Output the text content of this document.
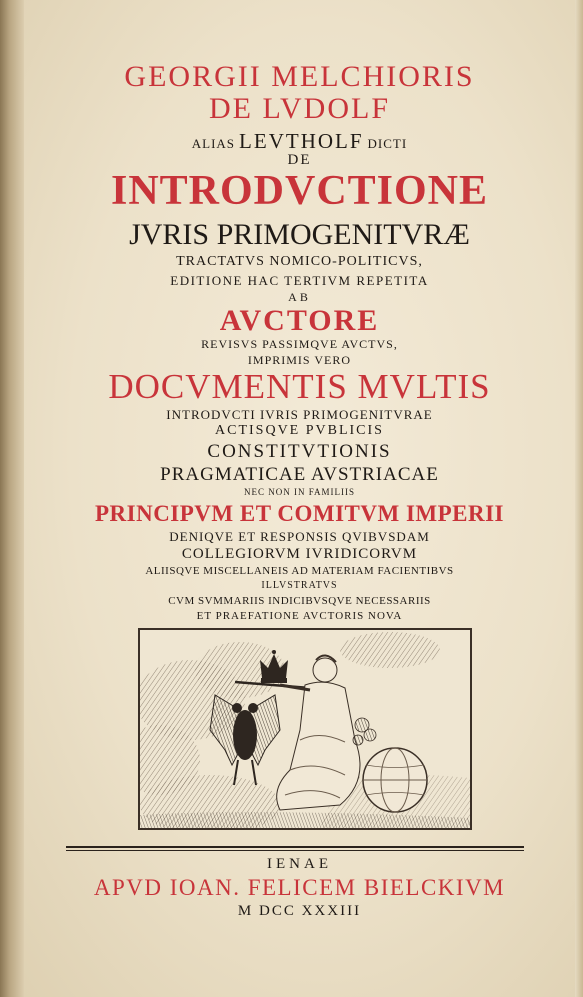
GEORGII MELCHIORIS
DE LVDOLF
ALIAS LEVTHOLF DICTI
DE
INTRODVCTIONE
JVRIS PRIMOGENITVRÆ
TRACTATVS NOMICO-POLITICVS,
EDITIONE HAC TERTIVM REPETITA
AB
AVCTORE
REVISVS PASSIMQVE AVCTVS,
IMPRIMIS VERO
DOCVMENTIS MVLTIS
INTRODVCTI IVRIS PRIMOGENITVRAE
ACTISQVE PVBLICIS
CONSTITVTIONIS
PRAGMATICAE AVSTRIACAE
NEC NON IN FAMILIIS
PRINCIPVM ET COMITVM IMPERII
DENIQVE ET RESPONSIS QVIBVSDAM
COLLEGIORVM IVRIDICORVM
ALIISQVE MISCELLANEIS AD MATERIAM FACIENTIBVS
ILLVSTRATVS
CVM SVMMARIIS INDICIBVSQVE NECESSARIIS
ET PRAEFATIONE AVCTORIS NOVA
IENAE
APVD IOAN. FELICEM BIELCKIVM
M DCC XXXIII
